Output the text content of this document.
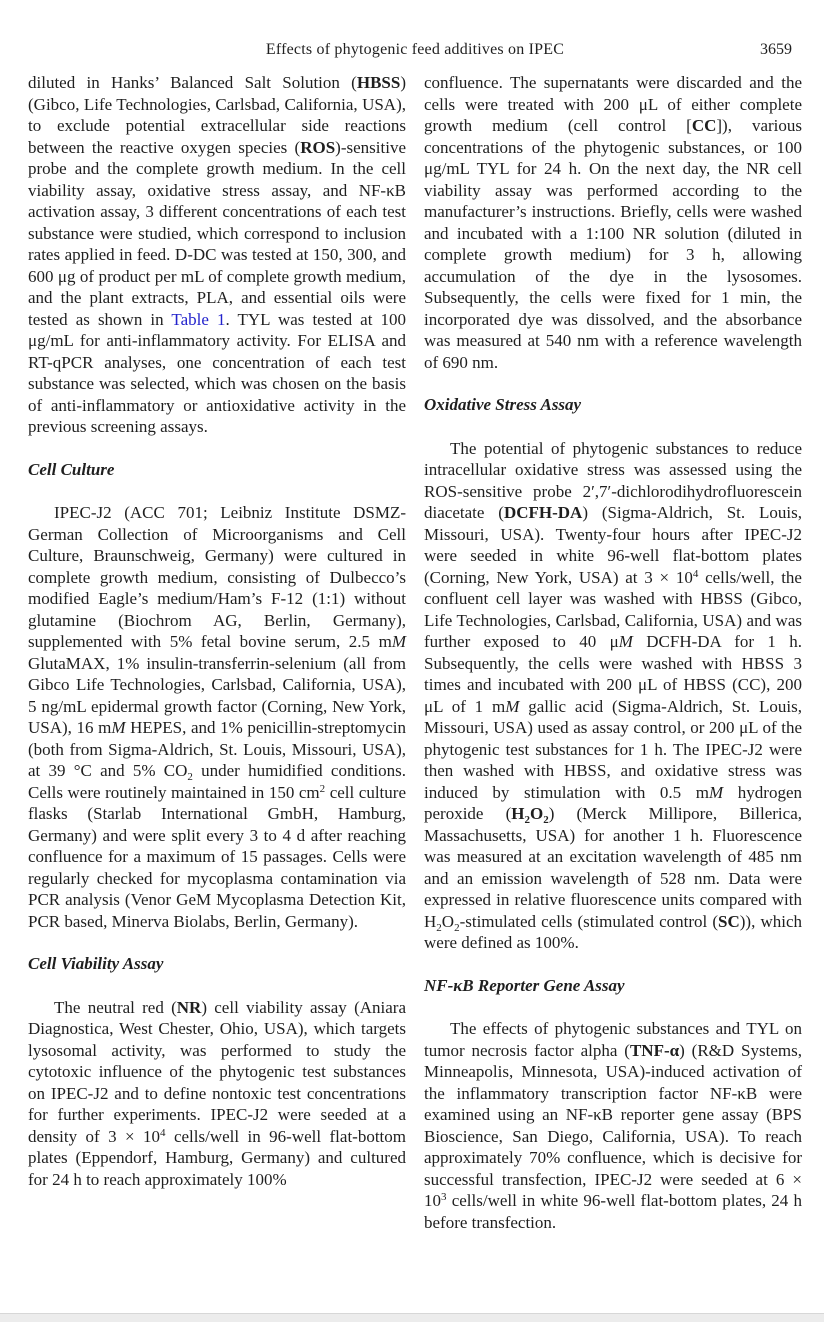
Effects of phytogenic feed additives on IPEC	3659

diluted in Hanks’ Balanced Salt Solution (HBSS) (Gibco, Life Technologies, Carlsbad, California, USA), to exclude potential extracellular side reactions between the reactive oxygen species (ROS)-sensitive probe and the complete growth medium. In the cell viability assay, oxidative stress assay, and NF-κB activation assay, 3 different concentrations of each test substance were studied, which correspond to inclusion rates applied in feed. D-DC was tested at 150, 300, and 600 μg of product per mL of complete growth medium, and the plant extracts, PLA, and essential oils were tested as shown in Table 1. TYL was tested at 100 μg/mL for anti-inflammatory activity. For ELISA and RT-qPCR analyses, one concentration of each test substance was selected, which was chosen on the basis of anti-inflammatory or antioxidative activity in the previous screening assays.

Cell Culture

IPEC-J2 (ACC 701; Leibniz Institute DSMZ-German Collection of Microorganisms and Cell Culture, Braunschweig, Germany) were cultured in complete growth medium, consisting of Dulbecco’s modified Eagle’s medium/Ham’s F-12 (1:1) without glutamine (Biochrom AG, Berlin, Germany), supplemented with 5% fetal bovine serum, 2.5 mM GlutaMAX, 1% insulin-transferrin-selenium (all from Gibco Life Technologies, Carlsbad, California, USA), 5 ng/mL epidermal growth factor (Corning, New York, USA), 16 mM HEPES, and 1% penicillin-streptomycin (both from Sigma-Aldrich, St. Louis, Missouri, USA), at 39 °C and 5% $CO_2$ under humidified conditions. Cells were routinely maintained in 150 $cm^2$ cell culture flasks (Starlab International GmbH, Hamburg, Germany) and were split every 3 to 4 d after reaching confluence for a maximum of 15 passages. Cells were regularly checked for mycoplasma contamination via PCR analysis (Venor GeM Mycoplasma Detection Kit, PCR based, Minerva Biolabs, Berlin, Germany).

Cell Viability Assay

The neutral red (NR) cell viability assay (Aniara Diagnostica, West Chester, Ohio, USA), which targets lysosomal activity, was performed to study the cytotoxic influence of the phytogenic test substances on IPEC-J2 and to define nontoxic test concentrations for further experiments. IPEC-J2 were seeded at a density of $3 \times 10^4$ cells/well in 96-well flat-bottom plates (Eppendorf, Hamburg, Germany) and cultured for 24 h to reach approximately 100%

confluence. The supernatants were discarded and the cells were treated with 200 μL of either complete growth medium (cell control [CC]), various concentrations of the phytogenic substances, or 100 μg/mL TYL for 24 h. On the next day, the NR cell viability assay was performed according to the manufacturer’s instructions. Briefly, cells were washed and incubated with a 1:100 NR solution (diluted in complete growth medium) for 3 h, allowing accumulation of the dye in the lysosomes. Subsequently, the cells were fixed for 1 min, the incorporated dye was dissolved, and the absorbance was measured at 540 nm with a reference wavelength of 690 nm.

Oxidative Stress Assay

The potential of phytogenic substances to reduce intracellular oxidative stress was assessed using the ROS-sensitive probe 2′,7′-dichlorodihydrofluorescein diacetate (DCFH-DA) (Sigma-Aldrich, St. Louis, Missouri, USA). Twenty-four hours after IPEC-J2 were seeded in white 96-well flat-bottom plates (Corning, New York, USA) at $3 \times 10^4$ cells/well, the confluent cell layer was washed with HBSS (Gibco, Life Technologies, Carlsbad, California, USA) and was further exposed to 40 μM DCFH-DA for 1 h. Subsequently, the cells were washed with HBSS 3 times and incubated with 200 μL of HBSS (CC), 200 μL of 1 mM gallic acid (Sigma-Aldrich, St. Louis, Missouri, USA) used as assay control, or 200 μL of the phytogenic test substances for 1 h. The IPEC-J2 were then washed with HBSS, and oxidative stress was induced by stimulation with 0.5 mM hydrogen peroxide $(H_2O_2)$ (Merck Millipore, Billerica, Massachusetts, USA) for another 1 h. Fluorescence was measured at an excitation wavelength of 485 nm and an emission wavelength of 528 nm. Data were expressed in relative fluorescence units compared with $H_2O_2$-stimulated cells (stimulated control (SC)), which were defined as 100%.

NF-κB Reporter Gene Assay

The effects of phytogenic substances and TYL on tumor necrosis factor alpha (TNF-α) (R&D Systems, Minneapolis, Minnesota, USA)-induced activation of the inflammatory transcription factor NF-κB were examined using an NF-κB reporter gene assay (BPS Bioscience, San Diego, California, USA). To reach approximately 70% confluence, which is decisive for successful transfection, IPEC-J2 were seeded at $6 \times 10^3$ cells/well in white 96-well flat-bottom plates, 24 h before transfection.
